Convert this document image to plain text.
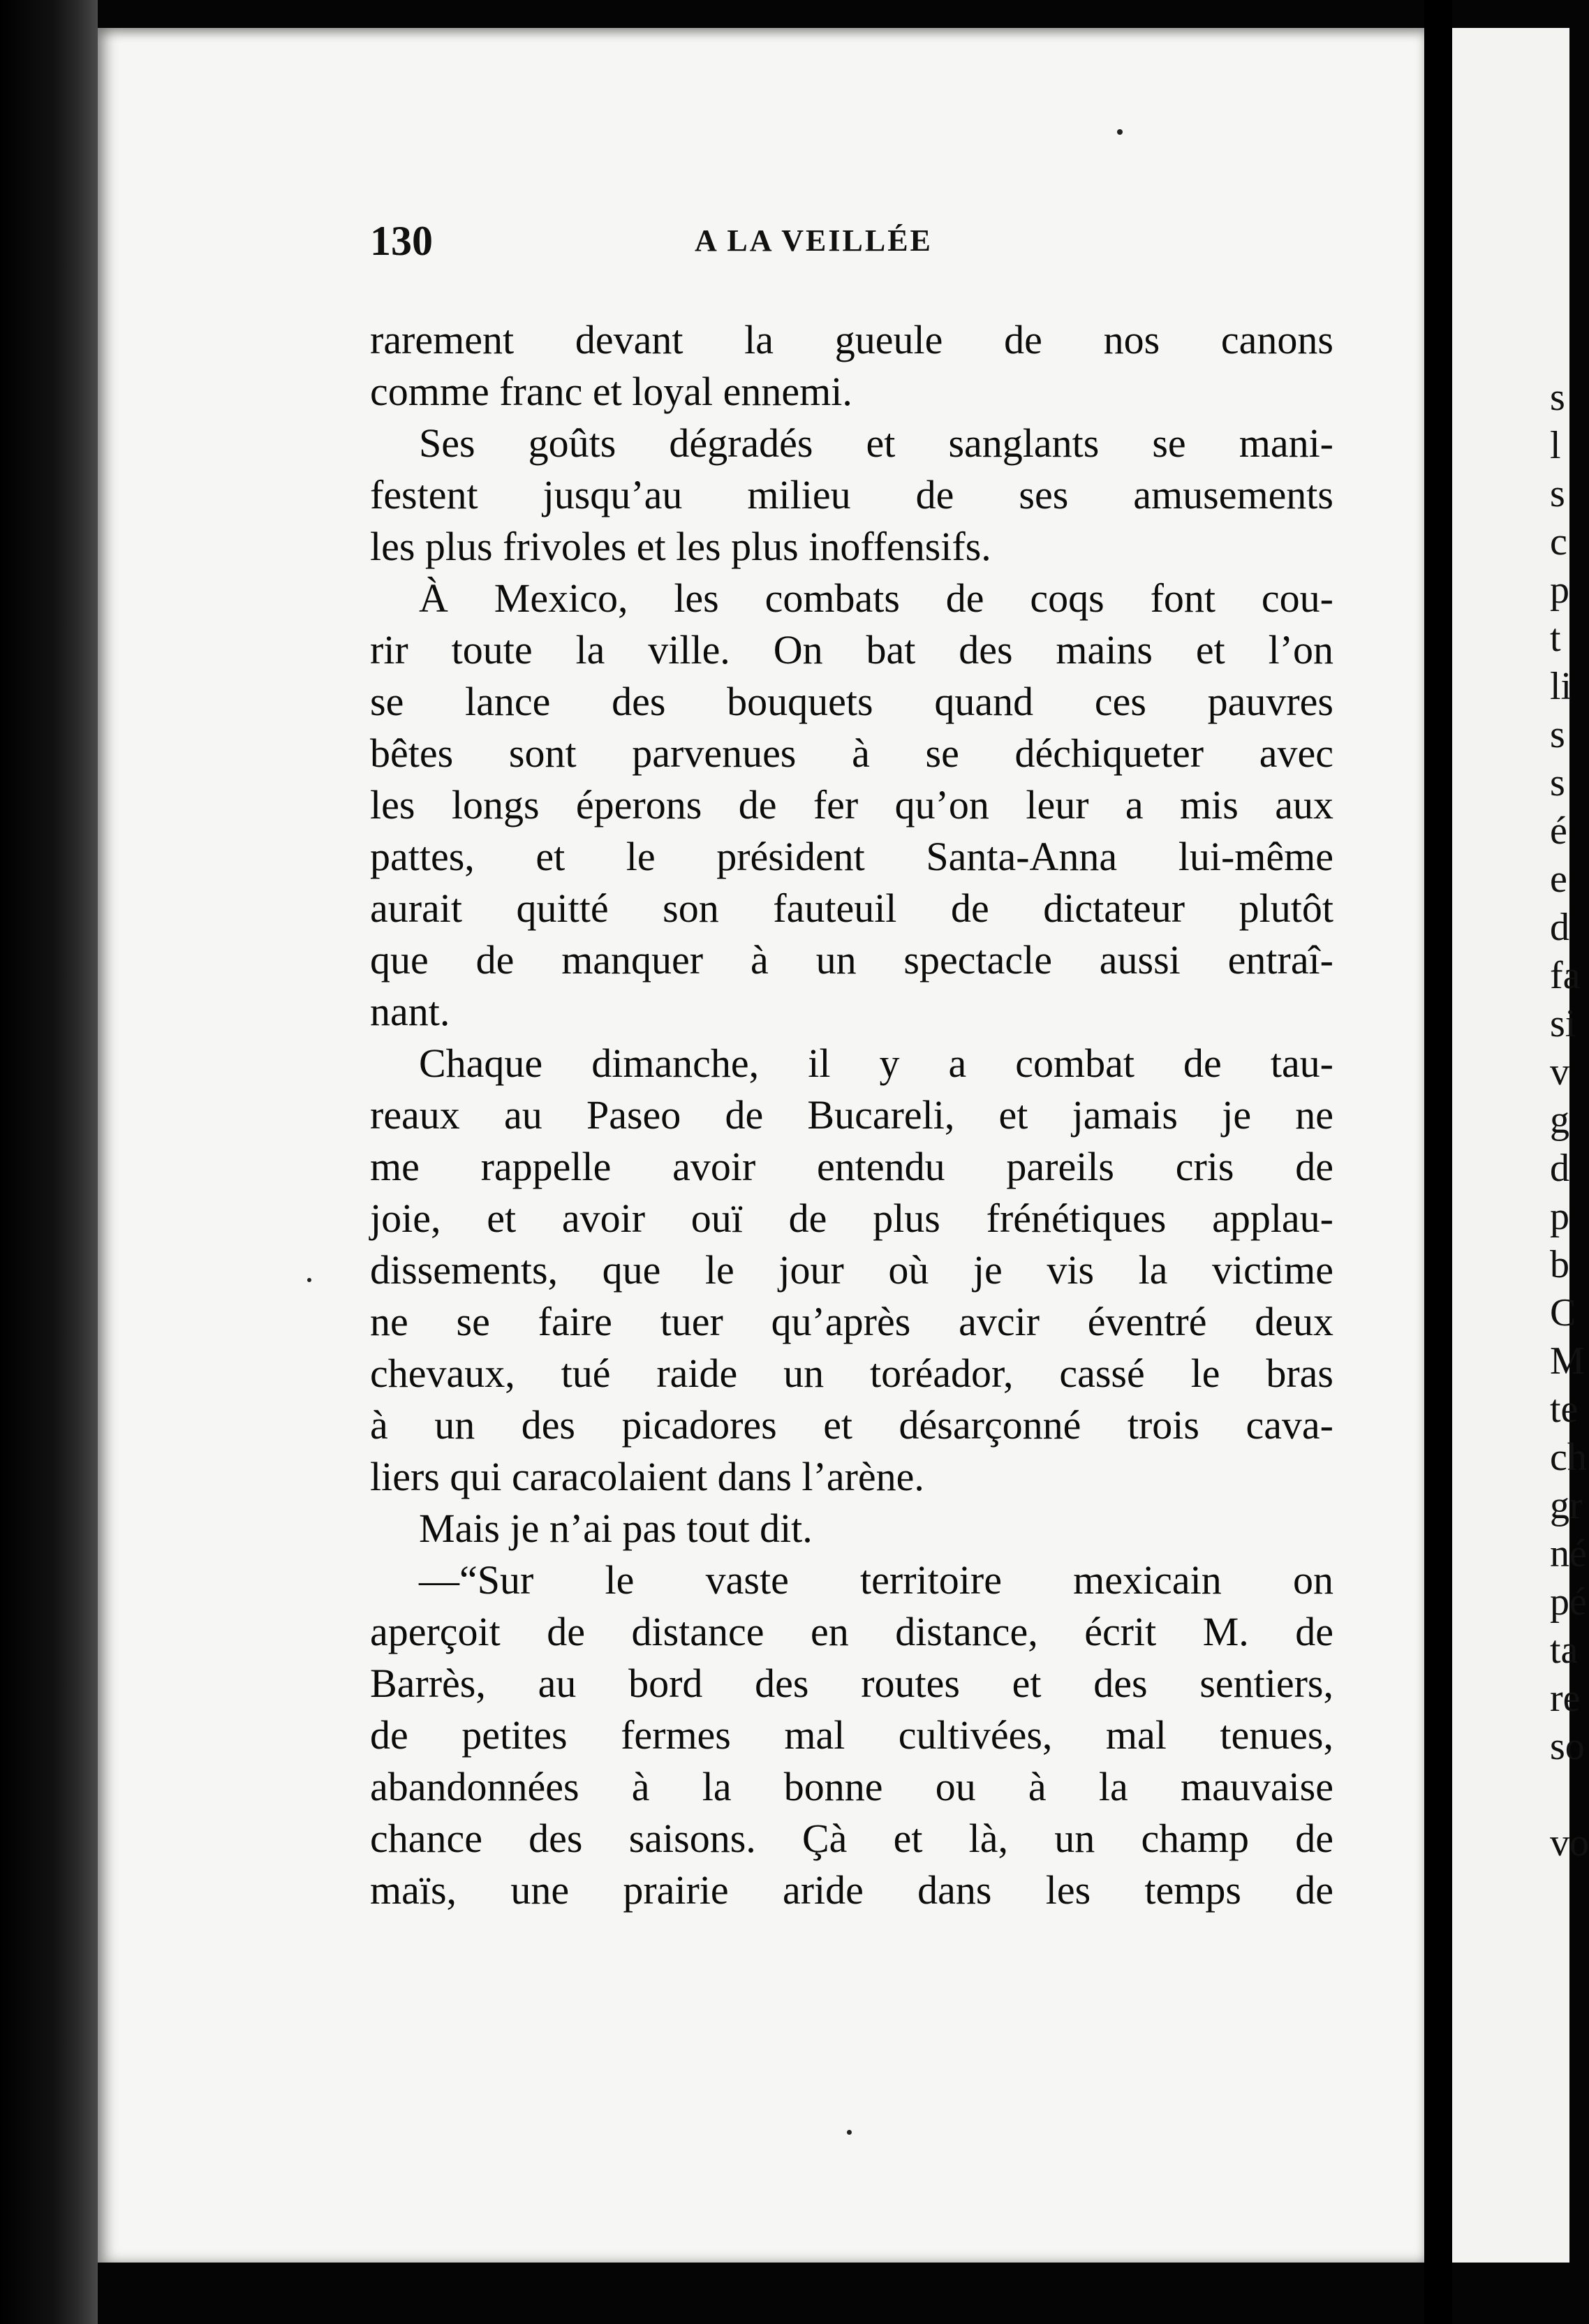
130	A LA VEILLÉE
rarement devant la gueule de nos canons
comme franc et loyal ennemi.
Ses goûts dégradés et sanglants se mani-
festent jusqu’au milieu de ses amusements
les plus frivoles et les plus inoffensifs.
À Mexico, les combats de coqs font cou-
rir toute la ville. On bat des mains et l’on
se lance des bouquets quand ces pauvres
bêtes sont parvenues à se déchiqueter avec
les longs éperons de fer qu’on leur a mis aux
pattes, et le président Santa-Anna lui-même
aurait quitté son fauteuil de dictateur plutôt
que de manquer à un spectacle aussi entraî-
nant.
Chaque dimanche, il y a combat de tau-
reaux au Paseo de Bucareli, et jamais je ne
me rappelle avoir entendu pareils cris de
joie, et avoir ouï de plus frénétiques applau-
dissements, que le jour où je vis la victime
ne se faire tuer qu’après avcir éventré deux
chevaux, tué raide un toréador, cassé le bras
à un des picadores et désarçonné trois cava-
liers qui caracolaient dans l’arène.
Mais je n’ai pas tout dit.
—“Sur le vaste territoire mexicain on
aperçoit de distance en distance, écrit M. de
Barrès, au bord des routes et des sentiers,
de petites fermes mal cultivées, mal tenues,
abandonnées à la bonne ou à la mauvaise
chance des saisons. Çà et là, un champ de
maïs, une prairie aride dans les temps de
s
l
s
c
p
t
li
s
s
é
e
d
fa
si
v
g
d
p
b
C
M
te
ch
gr
né
pé
ta
re
so

vo
